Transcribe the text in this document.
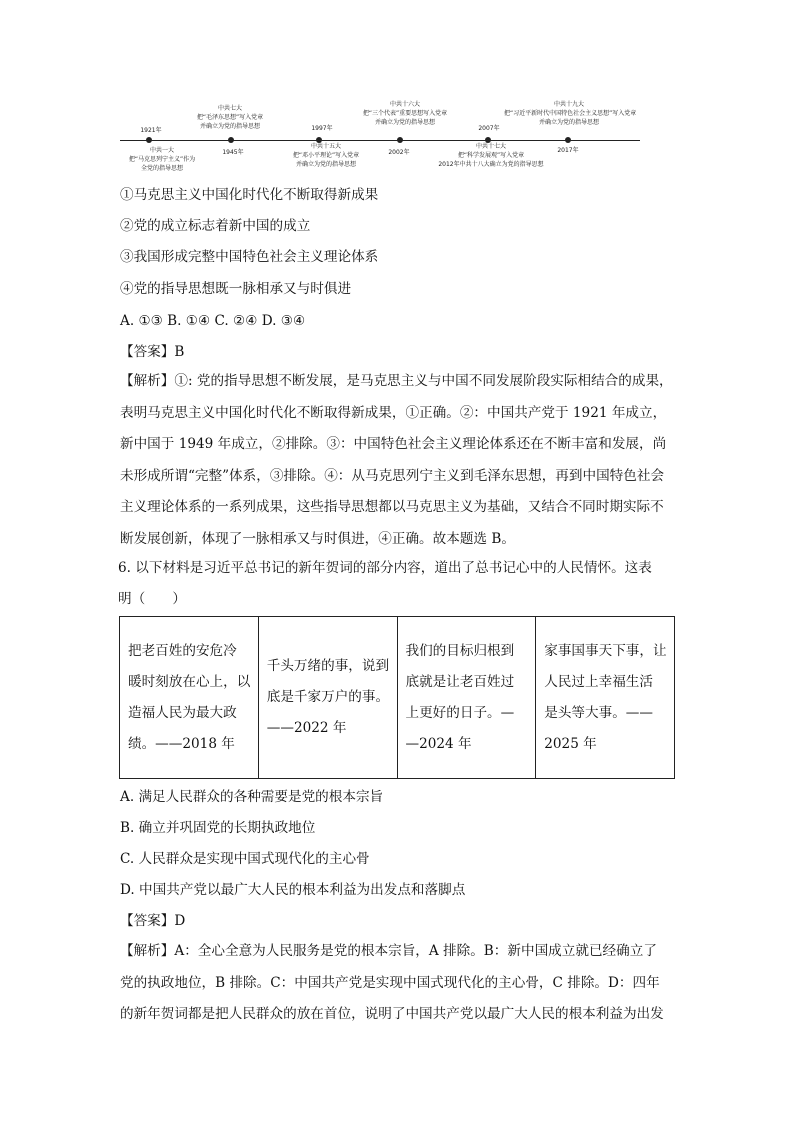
中共七大
把“毛泽东思想”写入党章
并确立为党的指导思想
中共十六大
把“三个代表”重要思想写入党章
并确立为党的指导思想
中共十九大
把“习近平新时代中国特色社会主义思想”写入党章
并确立为党的指导思想
1921年	1997年	2007年
1945年	2002年	2017年
中共一大
把“马克思列宁主义”作为
全党的指导思想
中共十五大
把“邓小平理论”写入党章
并确立为党的指导思想
中共十七大
把“科学发展观”写入党章
2012年中共十八大确立为党的指导思想
①马克思主义中国化时代化不断取得新成果
②党的成立标志着新中国的成立
③我国形成完整中国特色社会主义理论体系
④党的指导思想既一脉相承又与时俱进
A. ①③ B. ①④ C. ②④ D. ③④
【答案】B

【解析】①: 党的指导思想不断发展，是马克思主义与中国不同发展阶段实际相结合的成果，

表明马克思主义中国化时代化不断取得新成果，①正确。②：中国共产党于 1921 年成立，

新中国于 1949 年成立，②排除。③：中国特色社会主义理论体系还在不断丰富和发展，尚

未形成所谓“完整”体系，③排除。④：从马克思列宁主义到毛泽东思想，再到中国特色社会

主义理论体系的一系列成果，这些指导思想都以马克思主义为基础，又结合不同时期实际不

断发展创新，体现了一脉相承又与时俱进，④正确。故本题选 B。

6. 以下材料是习近平总书记的新年贺词的部分内容，道出了总书记心中的人民情怀。这表
明（　　）
把老百姓的安危冷
暖时刻放在心上，以
造福人民为最大政
绩。——2018 年

千头万绪的事，说到
底是千家万户的事。
——2022 年

我们的目标归根到
底就是让老百姓过
上更好的日子。—
—2024 年

家事国事天下事，让
人民过上幸福生活
是头等大事。——
2025 年
A. 满足人民群众的各种需要是党的根本宗旨
B. 确立并巩固党的长期执政地位
C. 人民群众是实现中国式现代化的主心骨
D. 中国共产党以最广大人民的根本利益为出发点和落脚点
【答案】D

【解析】A：全心全意为人民服务是党的根本宗旨，A 排除。B：新中国成立就已经确立了

党的执政地位，B 排除。C：中国共产党是实现中国式现代化的主心骨，C 排除。D：四年

的新年贺词都是把人民群众的放在首位，说明了中国共产党以最广大人民的根本利益为出发
